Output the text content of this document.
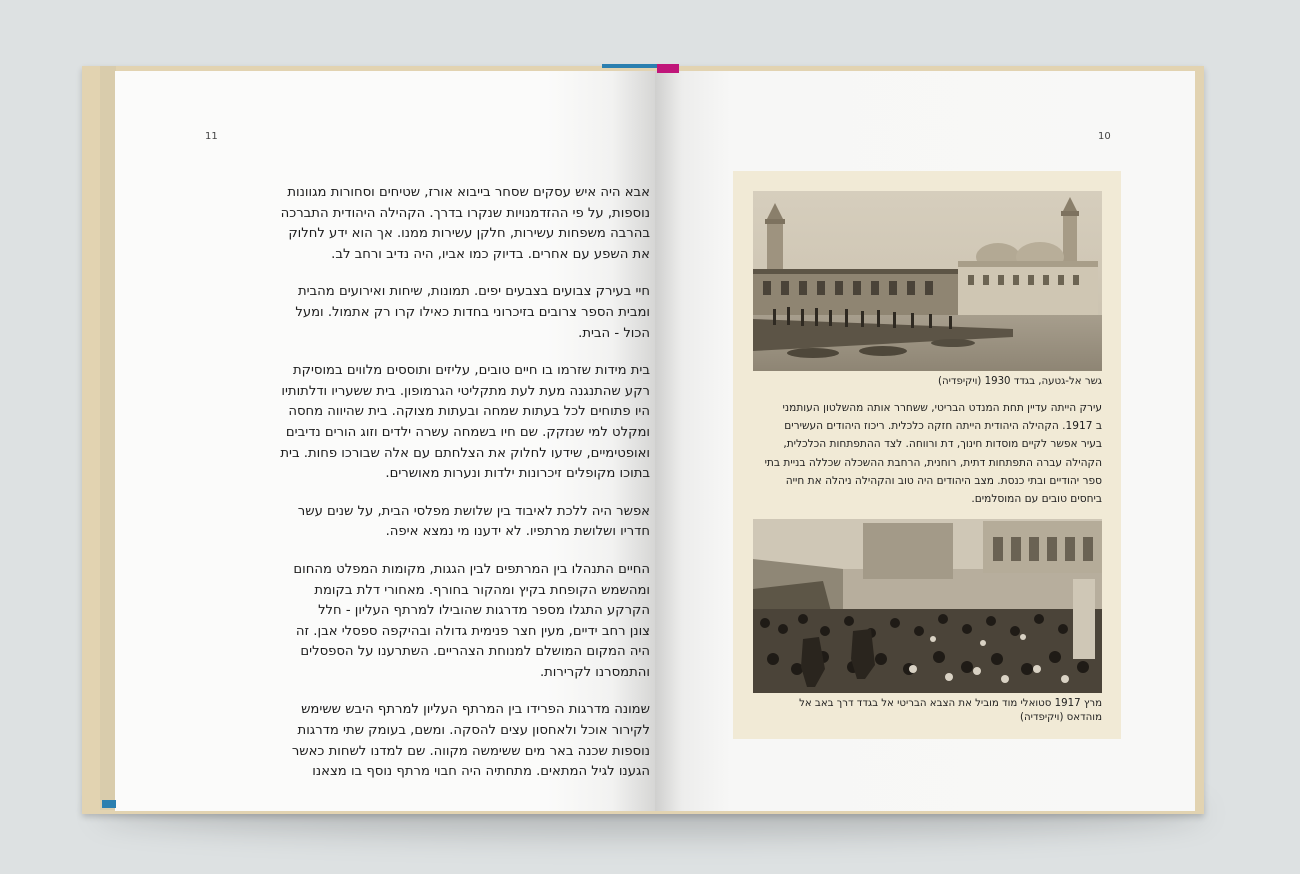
11

אבא היה איש עסקים שסחר בייבוא אורז, שטיחים וסחורות מגוונות
נוספות, על פי ההזדמנויות שנקרו בדרך. הקהילה היהודית התברכה
בהרבה משפחות עשירות, חלקן עשירות ממנו. אך הוא ידע לחלוק
את השפע עם אחרים. בדיוק כמו אביו, היה נדיב ורחב לב.

חיי בעירק צבועים בצבעים יפים. תמונות, שיחות ואירועים מהבית
ומבית הספר צרובים בזיכרוני בחדות כאילו קרו רק אתמול. ומעל
הכול - הבית.

בית מידות שזרמו בו חיים טובים, עליזים ותוססים מלווים במוסיקת
רקע שהתנגנה מעת לעת מתקליטי הגרמופון. בית ששעריו ודלתותיו
היו פתוחים לכל בעתות שמחה ובעתות מצוקה. בית שהיווה מחסה
ומקלט למי שנזקק. שם חיו בשמחה עשרה ילדים וזוג הורים נדיבים
ואופטימיים, שידעו לחלוק את הצלחתם עם אלה שבורכו פחות. בית
בתוכו מקופלים זיכרונות ילדות ונערות מאושרים.

אפשר היה ללכת לאיבוד בין שלושת מפלסי הבית, על שנים עשר
חדריו ושלושת מרתפיו. לא ידענו מי נמצא איפה.

החיים התנהלו בין המרתפים לבין הגגות, מקומות המפלט מהחום
ומהשמש הקופחת בקיץ ומהקור בחורף. מאחורי דלת בקומת
הקרקע התגלו מספר מדרגות שהובילו למרתף העליון - חלל
צונן רחב ידיים, מעין חצר פנימית גדולה ובהיקפה ספסלי אבן. זה
היה המקום המושלם למנוחת הצהריים. השתרענו על הספסלים
והתמסרנו לקרירות.

שמונה מדרגות הפרידו בין המרתף העליון למרתף היבש ששימש
לקירור אוכל ולאחסון עצים להסקה. ומשם, בעומק שתי מדרגות
נוספות שכנה באר מים ששימשה מקווה. שם למדנו לשחות כאשר
הגענו לגיל המתאים. מתחתיה היה חבוי מרתף נוסף בו מצאנו

10
גשר אל-גטעה, בגדד 1930 (ויקיפדיה)
עירק הייתה עדיין תחת המנדט הבריטי, ששחרר אותה מהשלטון העותמני
ב 1917. הקהילה היהודית הייתה חזקה כלכלית. ריכוז היהודים העשירים
בעיר אפשר לקיים מוסדות חינוך, דת ורווחה. לצד ההתפתחות הכלכלית,
הקהילה עברה התפתחות דתית, רוחנית, הרחבת ההשכלה שכללה בניית בתי
ספר יהודיים ובתי כנסת. מצב היהודים היה טוב והקהילה ניהלה את חייה
ביחסים טובים עם המוסלמים.
מרץ 1917 סטואלי מוד מוביל את הצבא הבריטי אל בגדד דרך באב אל
מוהדאס (ויקיפדיה)
